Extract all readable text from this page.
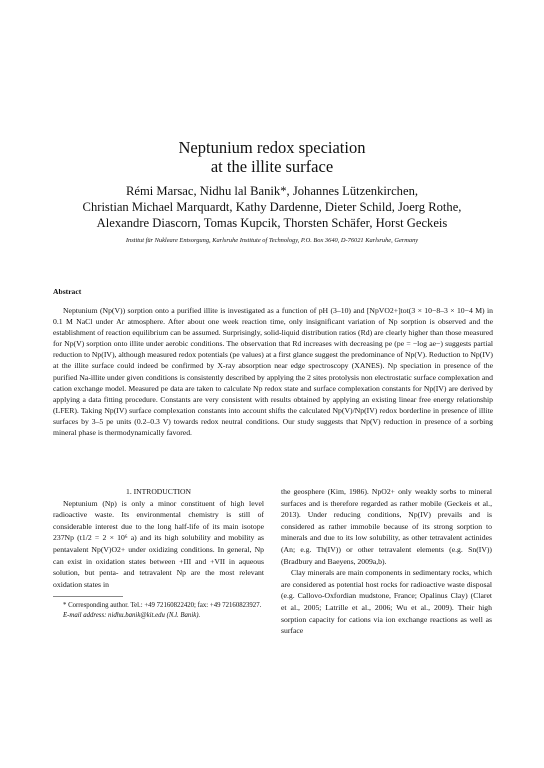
Neptunium redox speciation
at the illite surface
Rémi Marsac, Nidhu lal Banik*, Johannes Lützenkirchen,
Christian Michael Marquardt, Kathy Dardenne, Dieter Schild, Joerg Rothe,
Alexandre Diascorn, Tomas Kupcik, Thorsten Schäfer, Horst Geckeis
Institut für Nukleare Entsorgung, Karlsruhe Institute of Technology, P.O. Box 3640, D-76021 Karlsruhe, Germany
Abstract

Neptunium (Np(V)) sorption onto a purified illite is investigated as a function of pH (3–10) and [NpVO2+]tot(3 × 10−8–3 × 10−4 M) in 0.1 M NaCl under Ar atmosphere. After about one week reaction time, only insignificant variation of Np sorption is observed and the establishment of reaction equilibrium can be assumed. Surprisingly, solid-liquid distribution ratios (Rd) are clearly higher than those measured for Np(V) sorption onto illite under aerobic conditions. The observation that Rd increases with decreasing pe (pe = −log ae−) suggests partial reduction to Np(IV), although measured redox potentials (pe values) at a first glance suggest the predominance of Np(V). Reduction to Np(IV) at the illite surface could indeed be confirmed by X-ray absorption near edge spectroscopy (XANES). Np speciation in presence of the purified Na-illite under given conditions is consistently described by applying the 2 sites protolysis non electrostatic surface complexation and cation exchange model. Measured pe data are taken to calculate Np redox state and surface complexation constants for Np(IV) are derived by applying a data fitting procedure. Constants are very consistent with results obtained by applying an existing linear free energy relationship (LFER). Taking Np(IV) surface complexation constants into account shifts the calculated Np(V)/Np(IV) redox borderline in presence of illite surfaces by 3–5 pe units (0.2–0.3 V) towards redox neutral conditions. Our study suggests that Np(V) reduction in presence of a sorbing mineral phase is thermodynamically favored.

1. INTRODUCTION

Neptunium (Np) is only a minor constituent of high level radioactive waste. Its environmental chemistry is still of considerable interest due to the long half-life of its main isotope 237Np (t1/2 = 2 × 10⁶ a) and its high solubility and mobility as pentavalent Np(V)O2+ under oxidizing conditions. In general, Np can exist in oxidation states between +III and +VII in aqueous solution, but penta- and tetravalent Np are the most relevant oxidation states in

* Corresponding author. Tel.: +49 72160822420; fax: +49 72160823927.

E-mail address: nidhu.banik@kit.edu (N.l. Banik).

the geosphere (Kim, 1986). NpO2+ only weakly sorbs to mineral surfaces and is therefore regarded as rather mobile (Geckeis et al., 2013). Under reducing conditions, Np(IV) prevails and is considered as rather immobile because of its strong sorption to minerals and due to its low solubility, as other tetravalent actinides (An; e.g. Th(IV)) or other tetravalent elements (e.g. Sn(IV)) (Bradbury and Baeyens, 2009a,b).

Clay minerals are main components in sedimentary rocks, which are considered as potential host rocks for radioactive waste disposal (e.g. Callovo-Oxfordian mudstone, France; Opalinus Clay) (Claret et al., 2005; Latrille et al., 2006; Wu et al., 2009). Their high sorption capacity for cations via ion exchange reactions as well as surface
